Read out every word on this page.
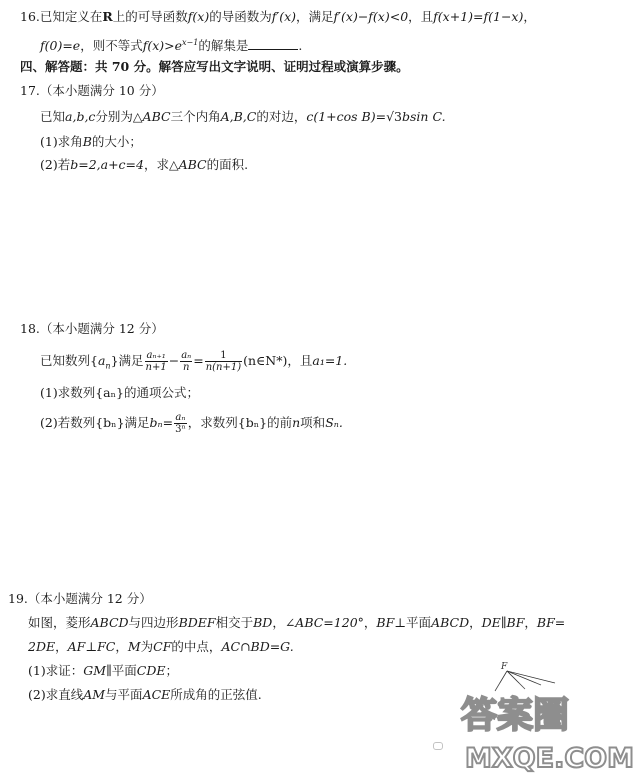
16.已知定义在R上的可导函数f(x)的导函数为f′(x)，满足f′(x)−f(x)<0，且f(x+1)=f(1−x)，
f(0)=e，则不等式$f(x)>e^{x-1}$的解集是	.
四、解答题：共 70 分。解答应写出文字说明、证明过程或演算步骤。
17.（本小题满分 10 分）
已知a,b,c分别为△ABC三个内角A,B,C的对边，c(1+cos B)=√3bsin C.
(1)求角B的大小；
(2)若b=2,a+c=4，求△ABC的面积.
18.（本小题满分 12 分）
已知数列$\{a_n\}$满足 $\frac{\text{aₙ₊₁}}{n+1} - \frac{\text{aₙ}}{n} = \frac{1}{n(n+1)}$ (n∈N*)，且a₁=1.
(1)求数列{aₙ}的通项公式；
(2)若数列{bₙ}满足$b_n= \frac{\text{aₙ}}{\text{3ⁿ}}$ ，求数列{bₙ}的前n项和Sₙ.
19.（本小题满分 12 分）
如图，菱形ABCD与四边形BDEF相交于BD，∠ABC=120°，BF⊥平面ABCD，DE∥BF，BF=
2DE，AF⊥FC，M为CF的中点，AC∩BD=G.
(1)求证：GM∥平面CDE；
(2)求直线AM与平面ACE所成角的正弦值.
F
答案圈
MXQE.COM
